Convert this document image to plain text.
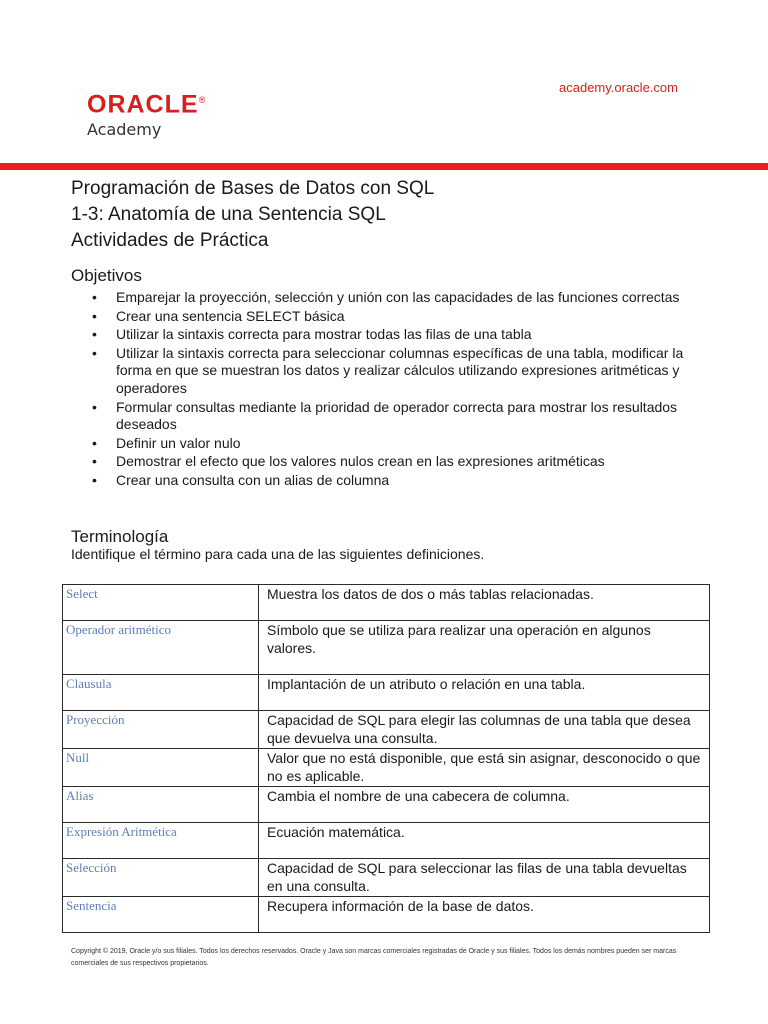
ORACLE®
Academy
academy.oracle.com
Programación de Bases de Datos con SQL
1-3: Anatomía de una Sentencia SQL
Actividades de Práctica
Objetivos
• Emparejar la proyección, selección y unión con las capacidades de las funciones correctas
• Crear una sentencia SELECT básica
• Utilizar la sintaxis correcta para mostrar todas las filas de una tabla
• Utilizar la sintaxis correcta para seleccionar columnas específicas de una tabla, modificar la forma en que se muestran los datos y realizar cálculos utilizando expresiones aritméticas y operadores
• Formular consultas mediante la prioridad de operador correcta para mostrar los resultados deseados
• Definir un valor nulo
• Demostrar el efecto que los valores nulos crean en las expresiones aritméticas
• Crear una consulta con un alias de columna
Terminología
Identifique el término para cada una de las siguientes definiciones.
Select	Muestra los datos de dos o más tablas relacionadas.
Operador aritmético	Símbolo que se utiliza para realizar una operación en algunos valores.
Clausula	Implantación de un atributo o relación en una tabla.
Proyección	Capacidad de SQL para elegir las columnas de una tabla que desea que devuelva una consulta.
Null	Valor que no está disponible, que está sin asignar, desconocido o que no es aplicable.
Alias	Cambia el nombre de una cabecera de columna.
Expresión Aritmética	Ecuación matemática.
Selección	Capacidad de SQL para seleccionar las filas de una tabla devueltas en una consulta.
Sentencia	Recupera información de la base de datos.
Copyright © 2019, Oracle y/o sus filiales. Todos los derechos reservados. Oracle y Java son marcas comerciales registradas de Oracle y sus filiales. Todos los demás nombres pueden ser marcas comerciales de sus respectivos propietarios.
